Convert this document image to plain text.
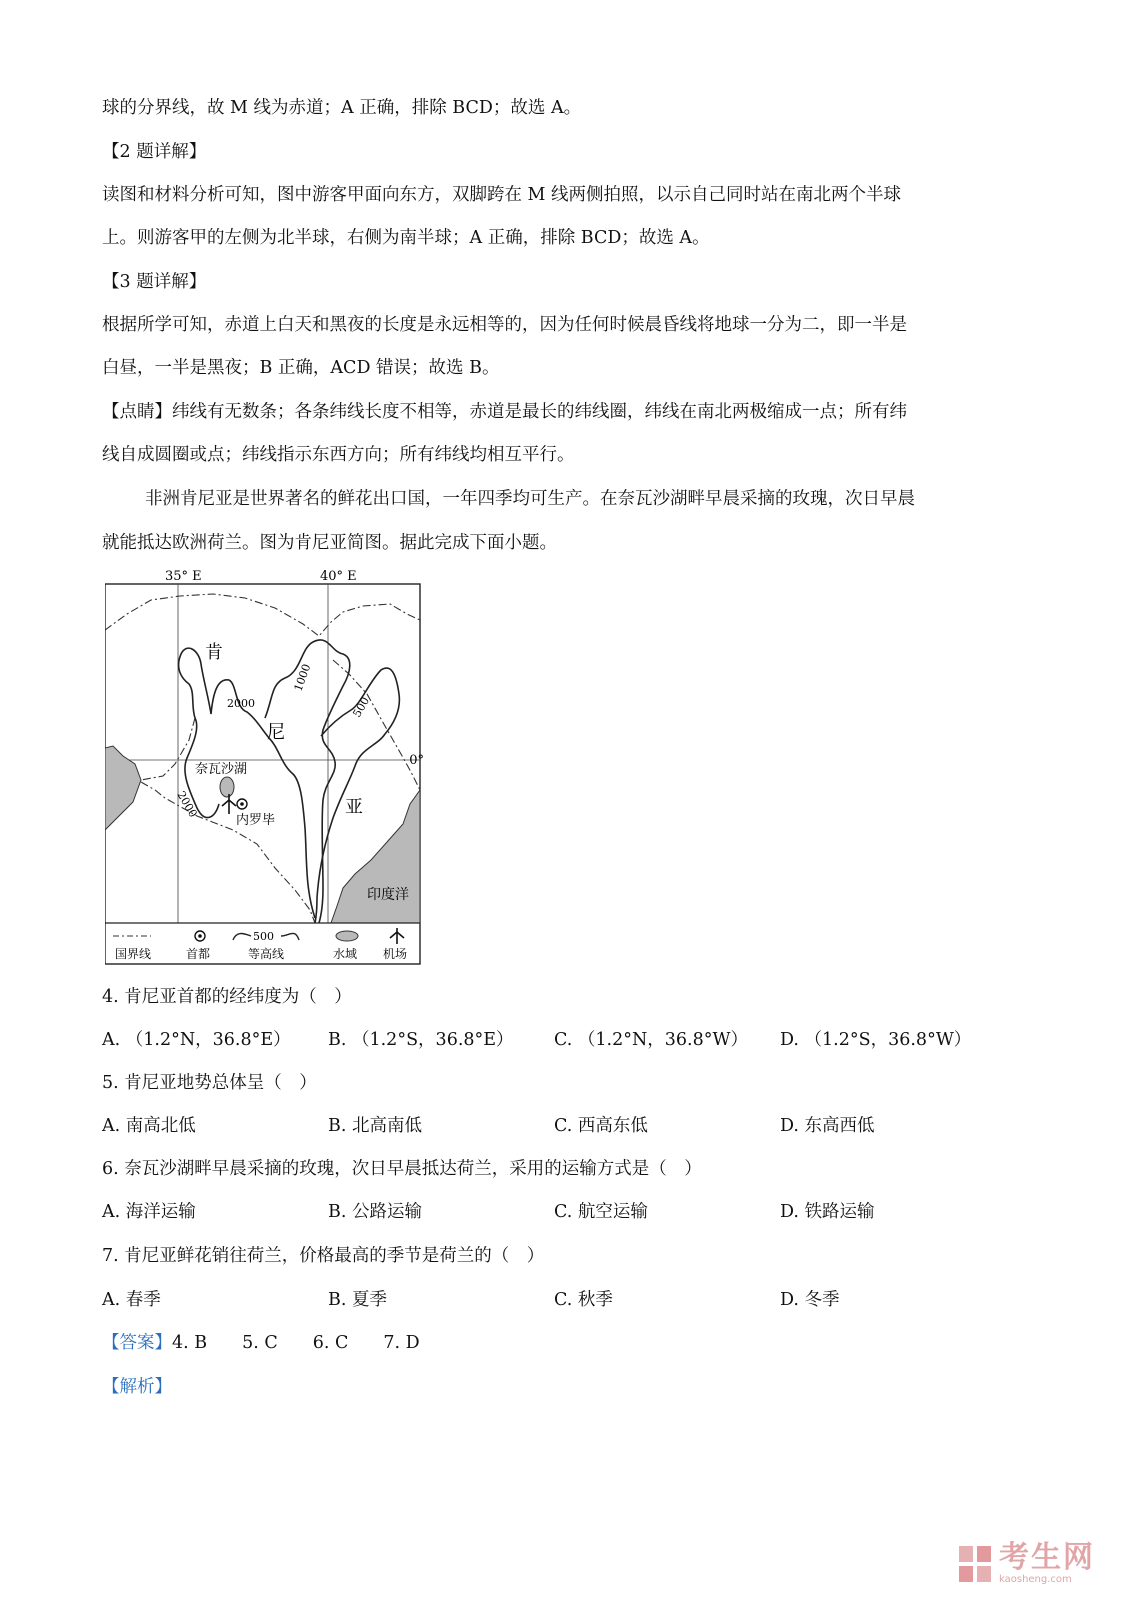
球的分界线，故 M 线为赤道；A 正确，排除 BCD；故选 A。
【2 题详解】
读图和材料分析可知，图中游客甲面向东方，双脚跨在 M 线两侧拍照，以示自己同时站在南北两个半球
上。则游客甲的左侧为北半球，右侧为南半球；A 正确，排除 BCD；故选 A。
【3 题详解】
根据所学可知，赤道上白天和黑夜的长度是永远相等的，因为任何时候晨昏线将地球一分为二，即一半是
白昼，一半是黑夜；B 正确，ACD 错误；故选 B。
【点睛】纬线有无数条；各条纬线长度不相等，赤道是最长的纬线圈，纬线在南北两极缩成一点；所有纬
线自成圆圈或点；纬线指示东西方向；所有纬线均相互平行。
非洲肯尼亚是世界著名的鲜花出口国，一年四季均可生产。在奈瓦沙湖畔早晨采摘的玫瑰，次日早晨
就能抵达欧洲荷兰。图为肯尼亚简图。据此完成下面小题。
35° E	40° E
0°
印度洋
2000
2000
1000
500
肯
尼
亚
奈瓦沙湖
内罗毕
国界线	首都
500
等高线	水域 机场
4. 肯尼亚首都的经纬度为（　）
A. （1.2°N，36.8°E） B. （1.2°S，36.8°E） C. （1.2°N，36.8°W） D. （1.2°S，36.8°W）
5. 肯尼亚地势总体呈（　）
A. 南高北低	B. 北高南低	C. 西高东低	D. 东高西低
6. 奈瓦沙湖畔早晨采摘的玫瑰，次日早晨抵达荷兰，采用的运输方式是（　）
A. 海洋运输	B. 公路运输	C. 航空运输	D. 铁路运输
7. 肯尼亚鲜花销往荷兰，价格最高的季节是荷兰的（　）
A. 春季	B. 夏季	C. 秋季	D. 冬季
【答案】4. B　　5. C　　6. C　　7. D
【解析】
考生网
kaosheng.com
